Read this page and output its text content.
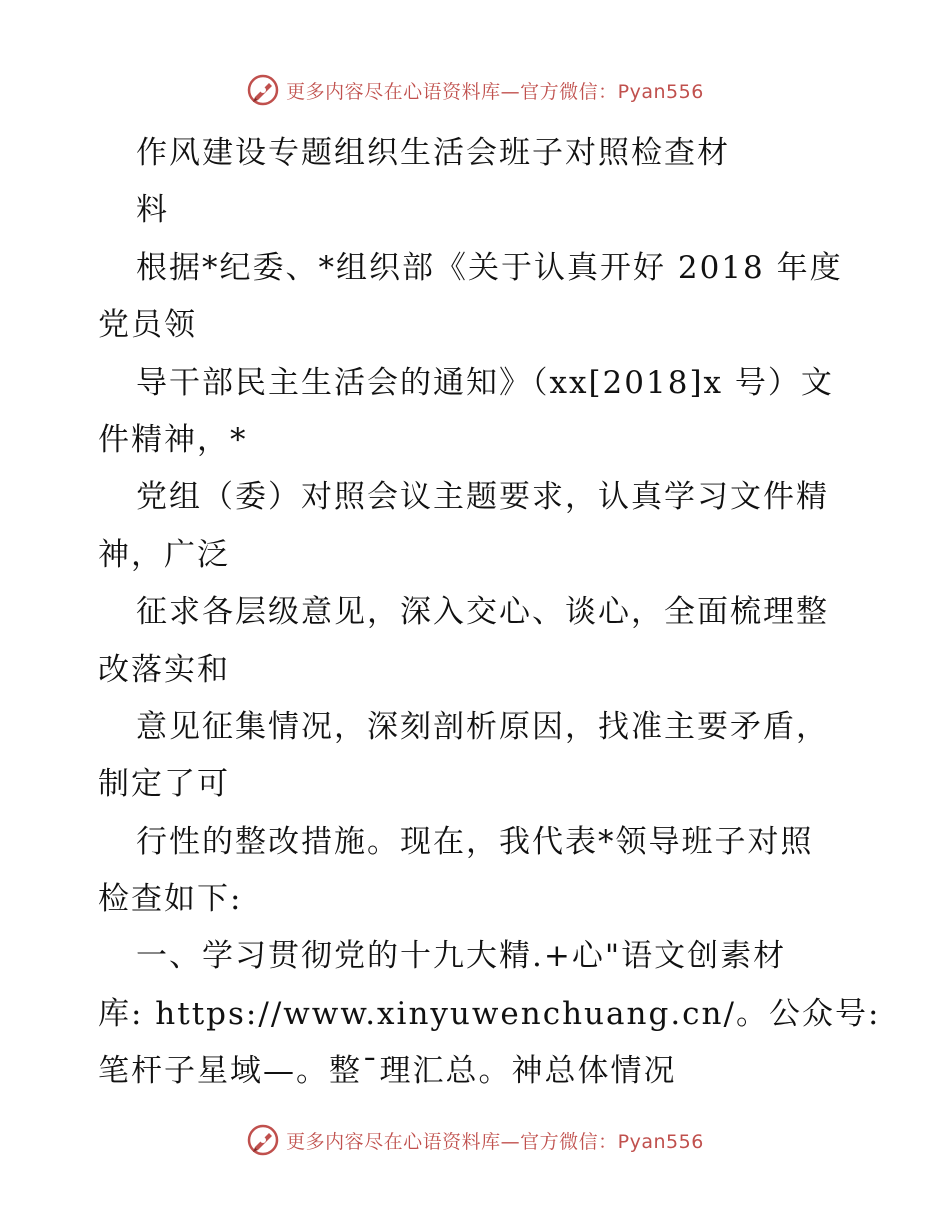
更多内容尽在心语资料库—官方微信：Pyan556
作风建设专题组织生活会班子对照检查材
料
根据*纪委、*组织部《关于认真开好 2018 年度
党员领
导干部民主生活会的通知》（xx[2018]x 号）文
件精神，*
党组（委）对照会议主题要求，认真学习文件精
神，广泛
征求各层级意见，深入交心、谈心，全面梳理整
改落实和
意见征集情况，深刻剖析原因，找准主要矛盾，
制定了可
行性的整改措施。现在，我代表*领导班子对照
检查如下:
一、学习贯彻党的十九大精.+心"语文创素材
库: https://www.xinyuwenchuang.cn/。公众号:
笔杆子星域—。整¯理汇总。神总体情况
更多内容尽在心语资料库—官方微信：Pyan556
